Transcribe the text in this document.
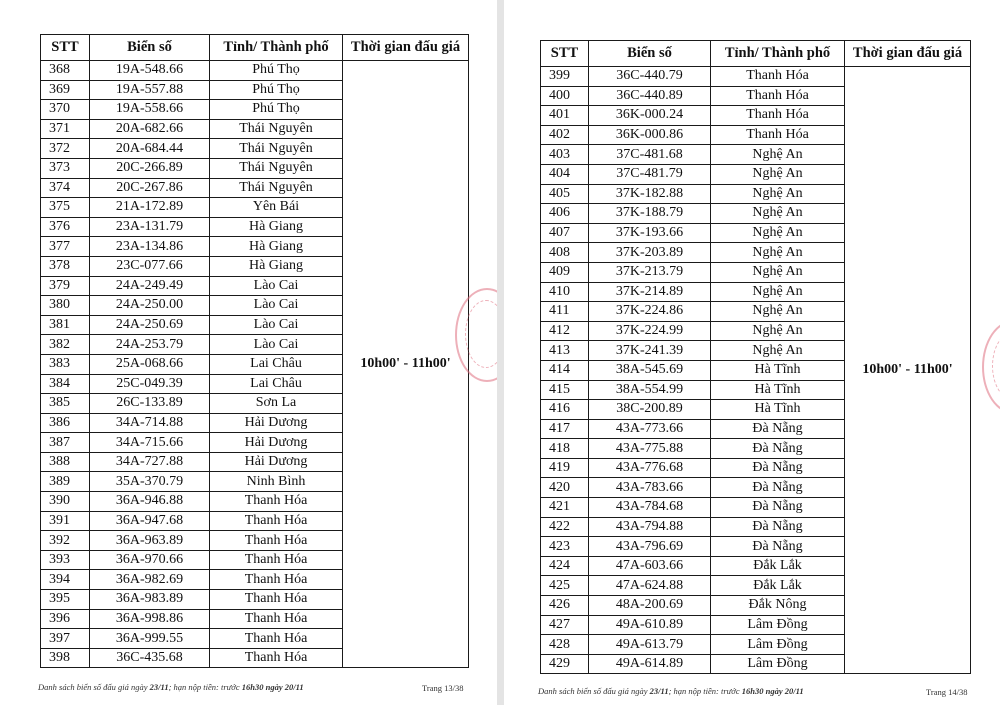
STT	Biển số	Tỉnh/ Thành phố	Thời gian đấu giá
368	19A-548.66	Phú Thọ	10h00' - 11h00'
369	19A-557.88	Phú Thọ	
370	19A-558.66	Phú Thọ	
371	20A-682.66	Thái Nguyên	
372	20A-684.44	Thái Nguyên	
373	20C-266.89	Thái Nguyên	
374	20C-267.86	Thái Nguyên	
375	21A-172.89	Yên Bái	
376	23A-131.79	Hà Giang	
377	23A-134.86	Hà Giang	
378	23C-077.66	Hà Giang	
379	24A-249.49	Lào Cai	
380	24A-250.00	Lào Cai	
381	24A-250.69	Lào Cai	
382	24A-253.79	Lào Cai	
383	25A-068.66	Lai Châu	
384	25C-049.39	Lai Châu	
385	26C-133.89	Sơn La	
386	34A-714.88	Hải Dương	
387	34A-715.66	Hải Dương	
388	34A-727.88	Hải Dương	
389	35A-370.79	Ninh Bình	
390	36A-946.88	Thanh Hóa	
391	36A-947.68	Thanh Hóa	
392	36A-963.89	Thanh Hóa	
393	36A-970.66	Thanh Hóa	
394	36A-982.69	Thanh Hóa	
395	36A-983.89	Thanh Hóa	
396	36A-998.86	Thanh Hóa	
397	36A-999.55	Thanh Hóa	
398	36C-435.68	Thanh Hóa	
Danh sách biển số đấu giá ngày 23/11; hạn nộp tiền: trước 16h30 ngày 20/11	Trang 13/38
STT	Biển số	Tỉnh/ Thành phố	Thời gian đấu giá
399	36C-440.79	Thanh Hóa	10h00' - 11h00'
400	36C-440.89	Thanh Hóa	
401	36K-000.24	Thanh Hóa	
402	36K-000.86	Thanh Hóa	
403	37C-481.68	Nghệ An	
404	37C-481.79	Nghệ An	
405	37K-182.88	Nghệ An	
406	37K-188.79	Nghệ An	
407	37K-193.66	Nghệ An	
408	37K-203.89	Nghệ An	
409	37K-213.79	Nghệ An	
410	37K-214.89	Nghệ An	
411	37K-224.86	Nghệ An	
412	37K-224.99	Nghệ An	
413	37K-241.39	Nghệ An	
414	38A-545.69	Hà Tĩnh	
415	38A-554.99	Hà Tĩnh	
416	38C-200.89	Hà Tĩnh	
417	43A-773.66	Đà Nẵng	
418	43A-775.88	Đà Nẵng	
419	43A-776.68	Đà Nẵng	
420	43A-783.66	Đà Nẵng	
421	43A-784.68	Đà Nẵng	
422	43A-794.88	Đà Nẵng	
423	43A-796.69	Đà Nẵng	
424	47A-603.66	Đắk Lắk	
425	47A-624.88	Đắk Lắk	
426	48A-200.69	Đắk Nông	
427	49A-610.89	Lâm Đồng	
428	49A-613.79	Lâm Đồng	
429	49A-614.89	Lâm Đồng	
Danh sách biển số đấu giá ngày 23/11; hạn nộp tiền: trước 16h30 ngày 20/11	Trang 14/38
